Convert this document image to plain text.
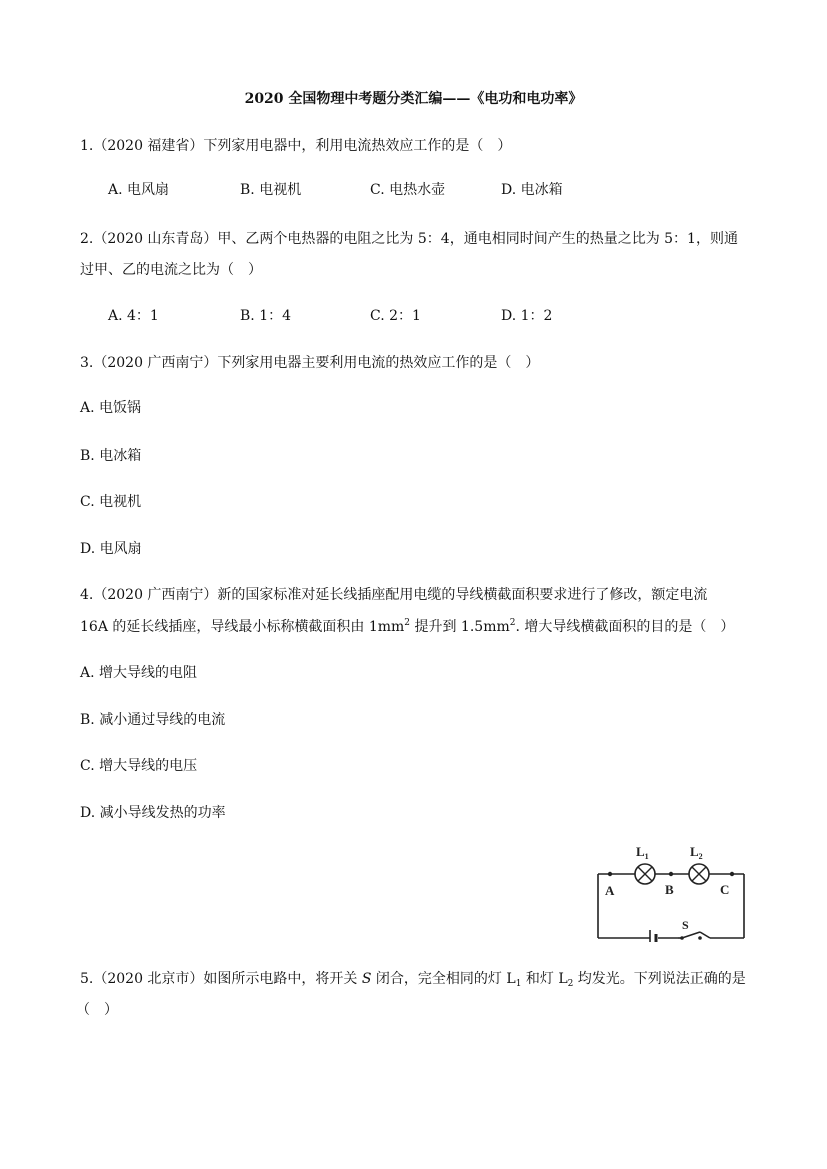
2020 全国物理中考题分类汇编——《电功和电功率》
1.（2020 福建省）下列家用电器中，利用电流热效应工作的是（　）
A. 电风扇	B. 电视机	C. 电热水壶	D. 电冰箱
2.（2020 山东青岛）甲、乙两个电热器的电阻之比为 5：4，通电相同时间产生的热量之比为 5：1，则通
过甲、乙的电流之比为（　）
A. 4：1	B. 1：4	C. 2：1	D. 1：2
3.（2020 广西南宁）下列家用电器主要利用电流的热效应工作的是（　）
A. 电饭锅
B. 电冰箱
C. 电视机
D. 电风扇
4.（2020 广西南宁）新的国家标准对延长线插座配用电缆的导线横截面积要求进行了修改，额定电流
16A 的延长线插座，导线最小标称横截面积由 $1mm^2$ 提升到 $1.5mm^2$. 增大导线横截面积的目的是（　）
A. 增大导线的电阻
B. 减小通过导线的电流
C. 增大导线的电压
D. 减小导线发热的功率
$L_1$	$L_2$
A	B	C
S
5.（2020 北京市）如图所示电路中，将开关 S 闭合，完全相同的灯 $L_1$ 和灯 $L_2$ 均发光。下列说法正确的是
（　）
